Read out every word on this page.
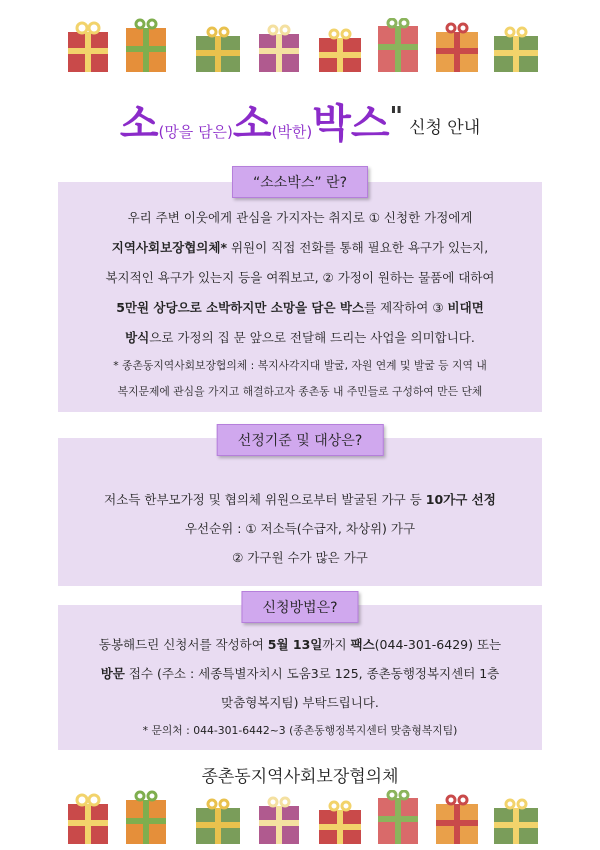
소(망을 담은)소(박한)박스" 신청 안내
“소소박스” 란?
우리 주변 이웃에게 관심을 가지자는 취지로 ① 신청한 가정에게
지역사회보장협의체* 위원이 직접 전화를 통해 필요한 욕구가 있는지,
복지적인 욕구가 있는지 등을 여쭤보고, ② 가정이 원하는 물품에 대하여
5만원 상당으로 소박하지만 소망을 담은 박스를 제작하여 ③ 비대면
방식으로 가정의 집 문 앞으로 전달해 드리는 사업을 의미합니다.
* 종촌동지역사회보장협의체 : 복지사각지대 발굴, 자원 연계 및 발굴 등 지역 내
복지문제에 관심을 가지고 해결하고자 종촌동 내 주민들로 구성하여 만든 단체
선정기준 및 대상은?
저소득 한부모가정 및 협의체 위원으로부터 발굴된 가구 등 10가구 선정
우선순위 : ① 저소득(수급자, 차상위) 가구
② 가구원 수가 많은 가구
신청방법은?
동봉해드린 신청서를 작성하여 5월 13일까지 팩스(044-301-6429) 또는
방문 접수 (주소 : 세종특별자치시 도움3로 125, 종촌동행정복지센터 1층
맞춤형복지팀) 부탁드립니다.
* 문의처 : 044-301-6442~3 (종촌동행정복지센터 맞춤형복지팀)
종촌동지역사회보장협의체
